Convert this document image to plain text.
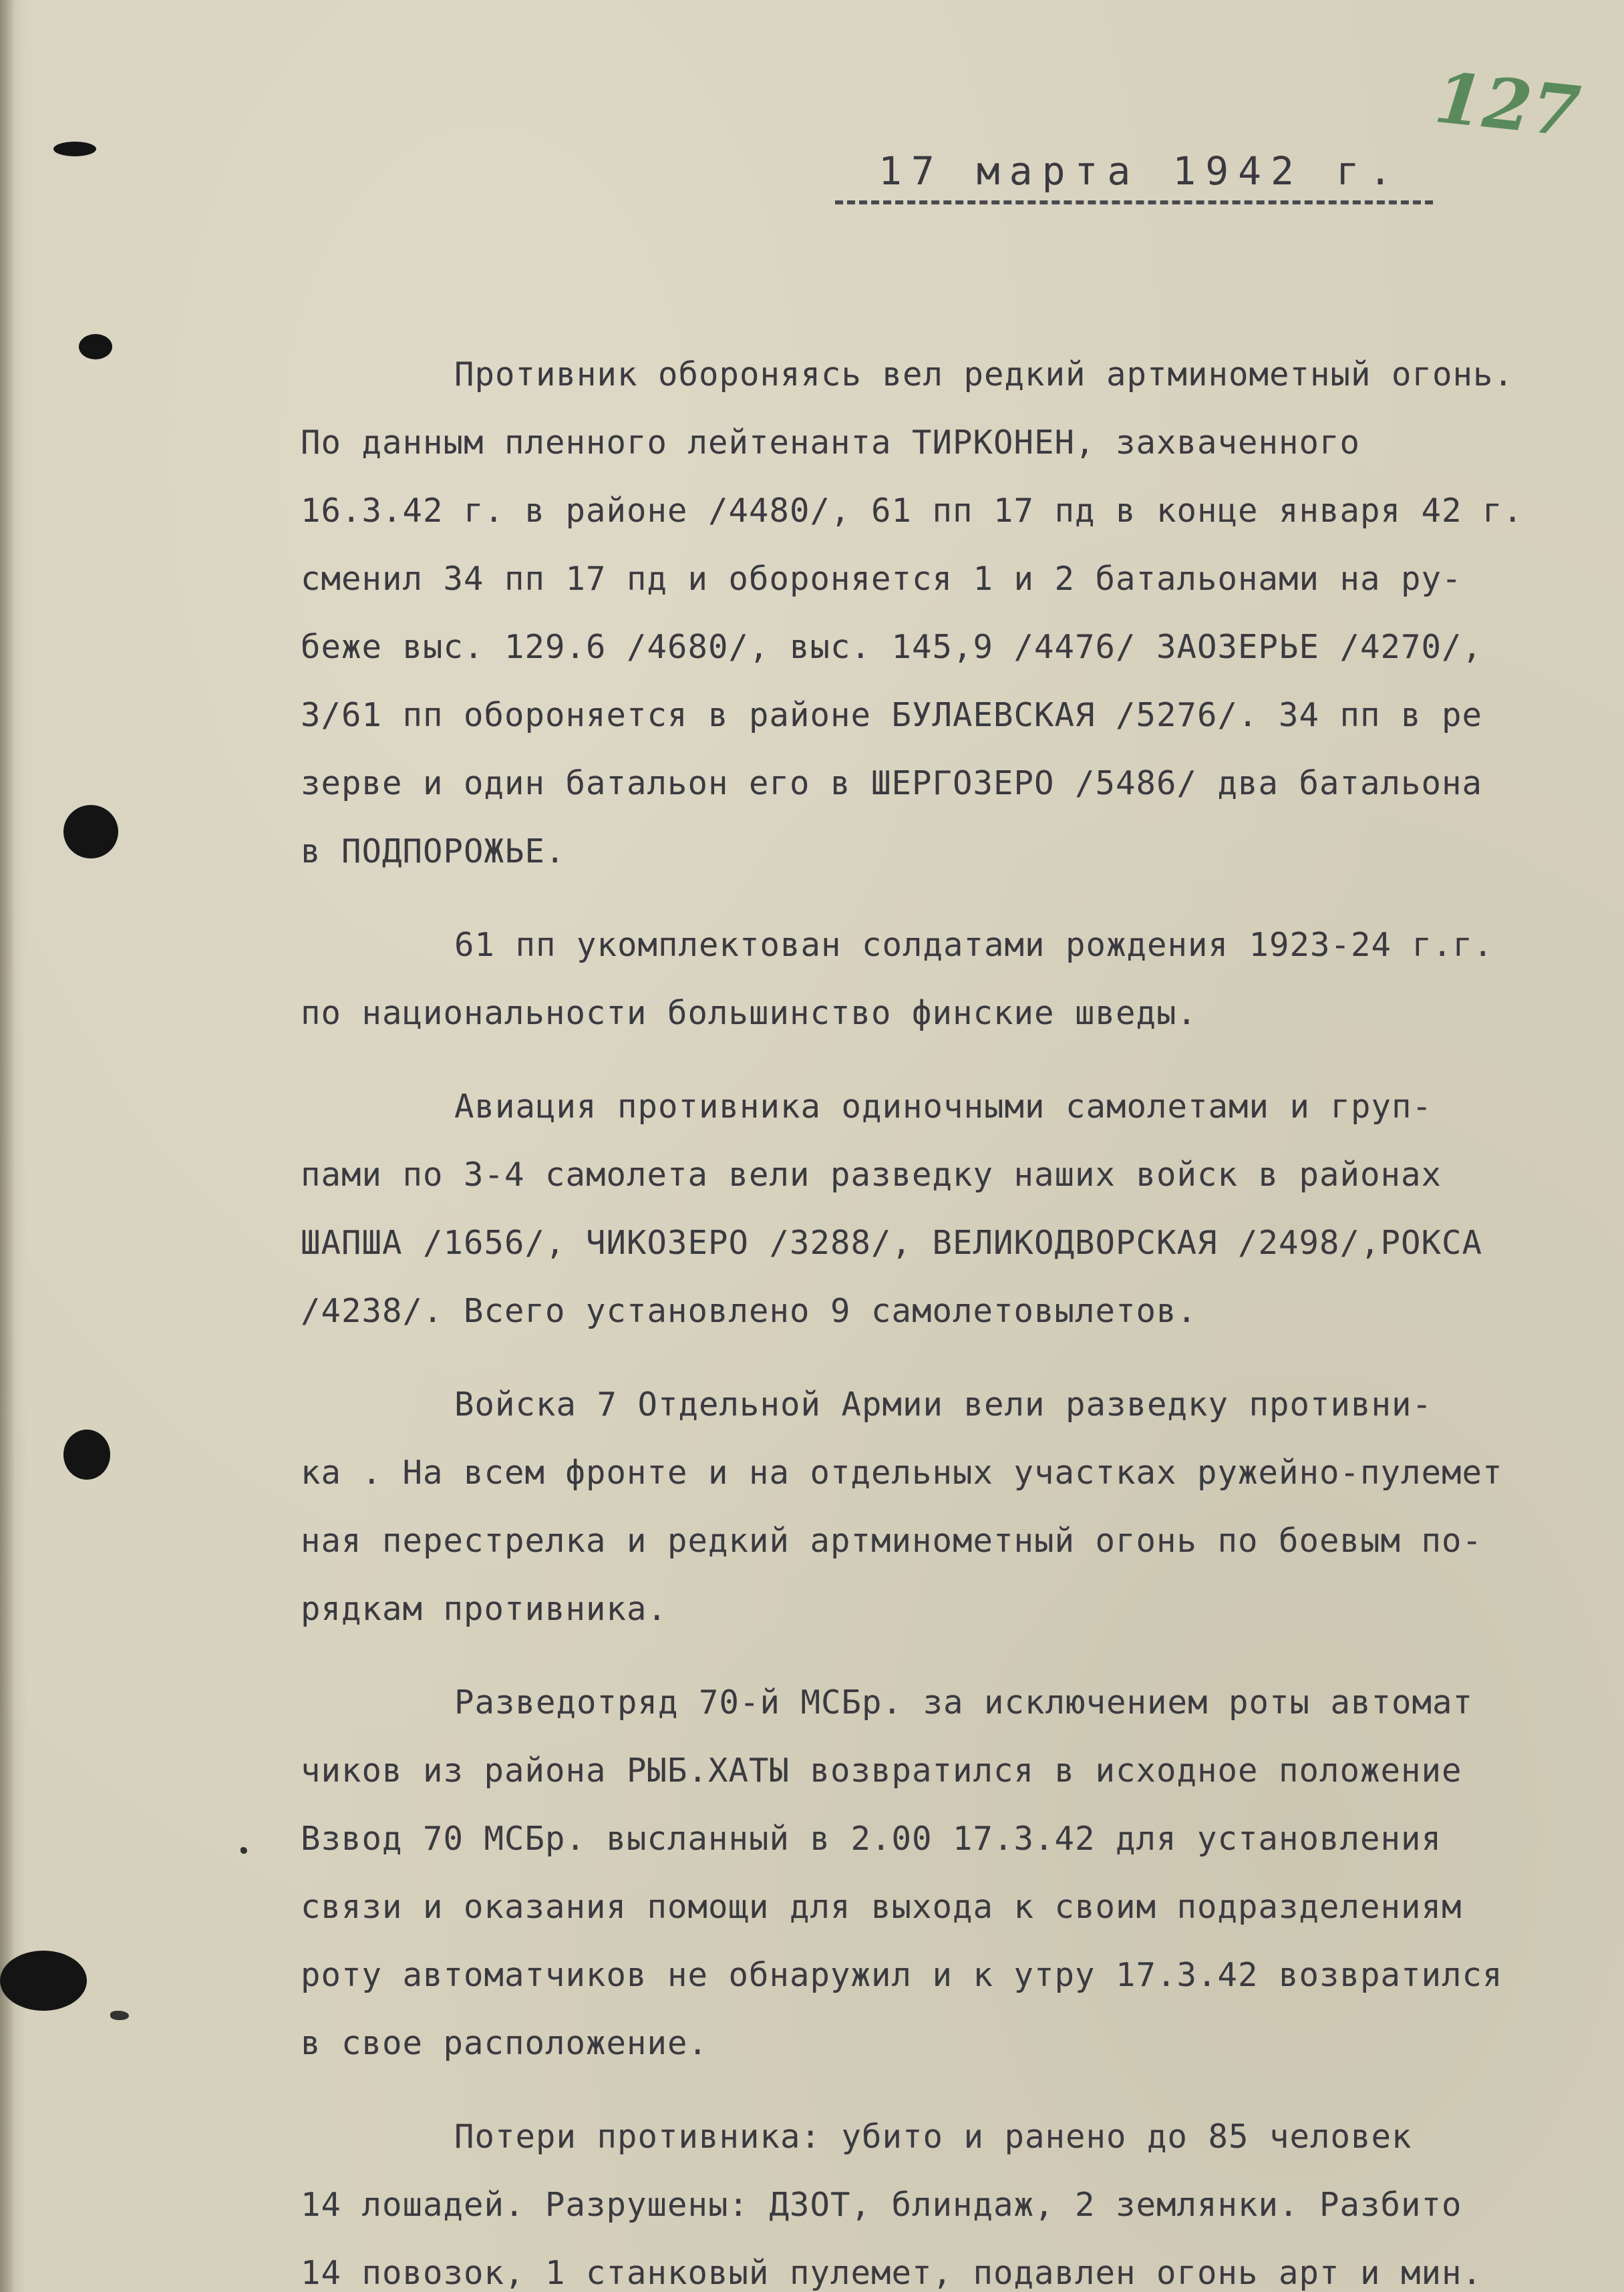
127
17 марта 1942 г.
Противник обороняясь вел редкий артминометный огонь.
По данным пленного лейтенанта ТИРКОНЕН, захваченного
16.3.42 г. в районе /4480/, 61 пп 17 пд в конце января 42 г.
сменил 34 пп 17 пд и обороняется 1 и 2 батальонами на ру-
беже выс. 129.6 /4680/, выс. 145,9 /4476/ ЗАОЗЕРЬЕ /4270/,
3/61 пп обороняется в районе БУЛАЕВСКАЯ /5276/. 34 пп в ре
зерве и один батальон его в ШЕРГОЗЕРО /5486/ два батальона
в ПОДПОРОЖЬЕ.
61 пп укомплектован солдатами рождения 1923-24 г.г.
по национальности большинство финские шведы.
Авиация противника одиночными самолетами и груп-
пами по 3-4 самолета вели разведку наших войск в районах
ШАПША /1656/, ЧИКОЗЕРО /3288/, ВЕЛИКОДВОРСКАЯ /2498/,РОКСА
/4238/. Всего установлено 9 самолетовылетов.
Войска 7 Отдельной Армии вели разведку противни-
ка . На всем фронте и на отдельных участках ружейно-пулемет
ная перестрелка и редкий артминометный огонь по боевым по-
рядкам противника.
Разведотряд 70-й МСБр. за исключением роты автомат
чиков из района РЫБ.ХАТЫ возвратился в исходное положение
Взвод 70 МСБр. высланный в 2.00 17.3.42 для установления
связи и оказания помощи для выхода к своим подразделениям
роту автоматчиков не обнаружил и к утру 17.3.42 возвратился
в свое расположение.
Потери противника: убито и ранено до 85 человек
14 лошадей. Разрушены: ДЗОТ, блиндаж, 2 землянки. Разбито
14 повозок, 1 станковый пулемет, подавлен огонь арт и мин.
